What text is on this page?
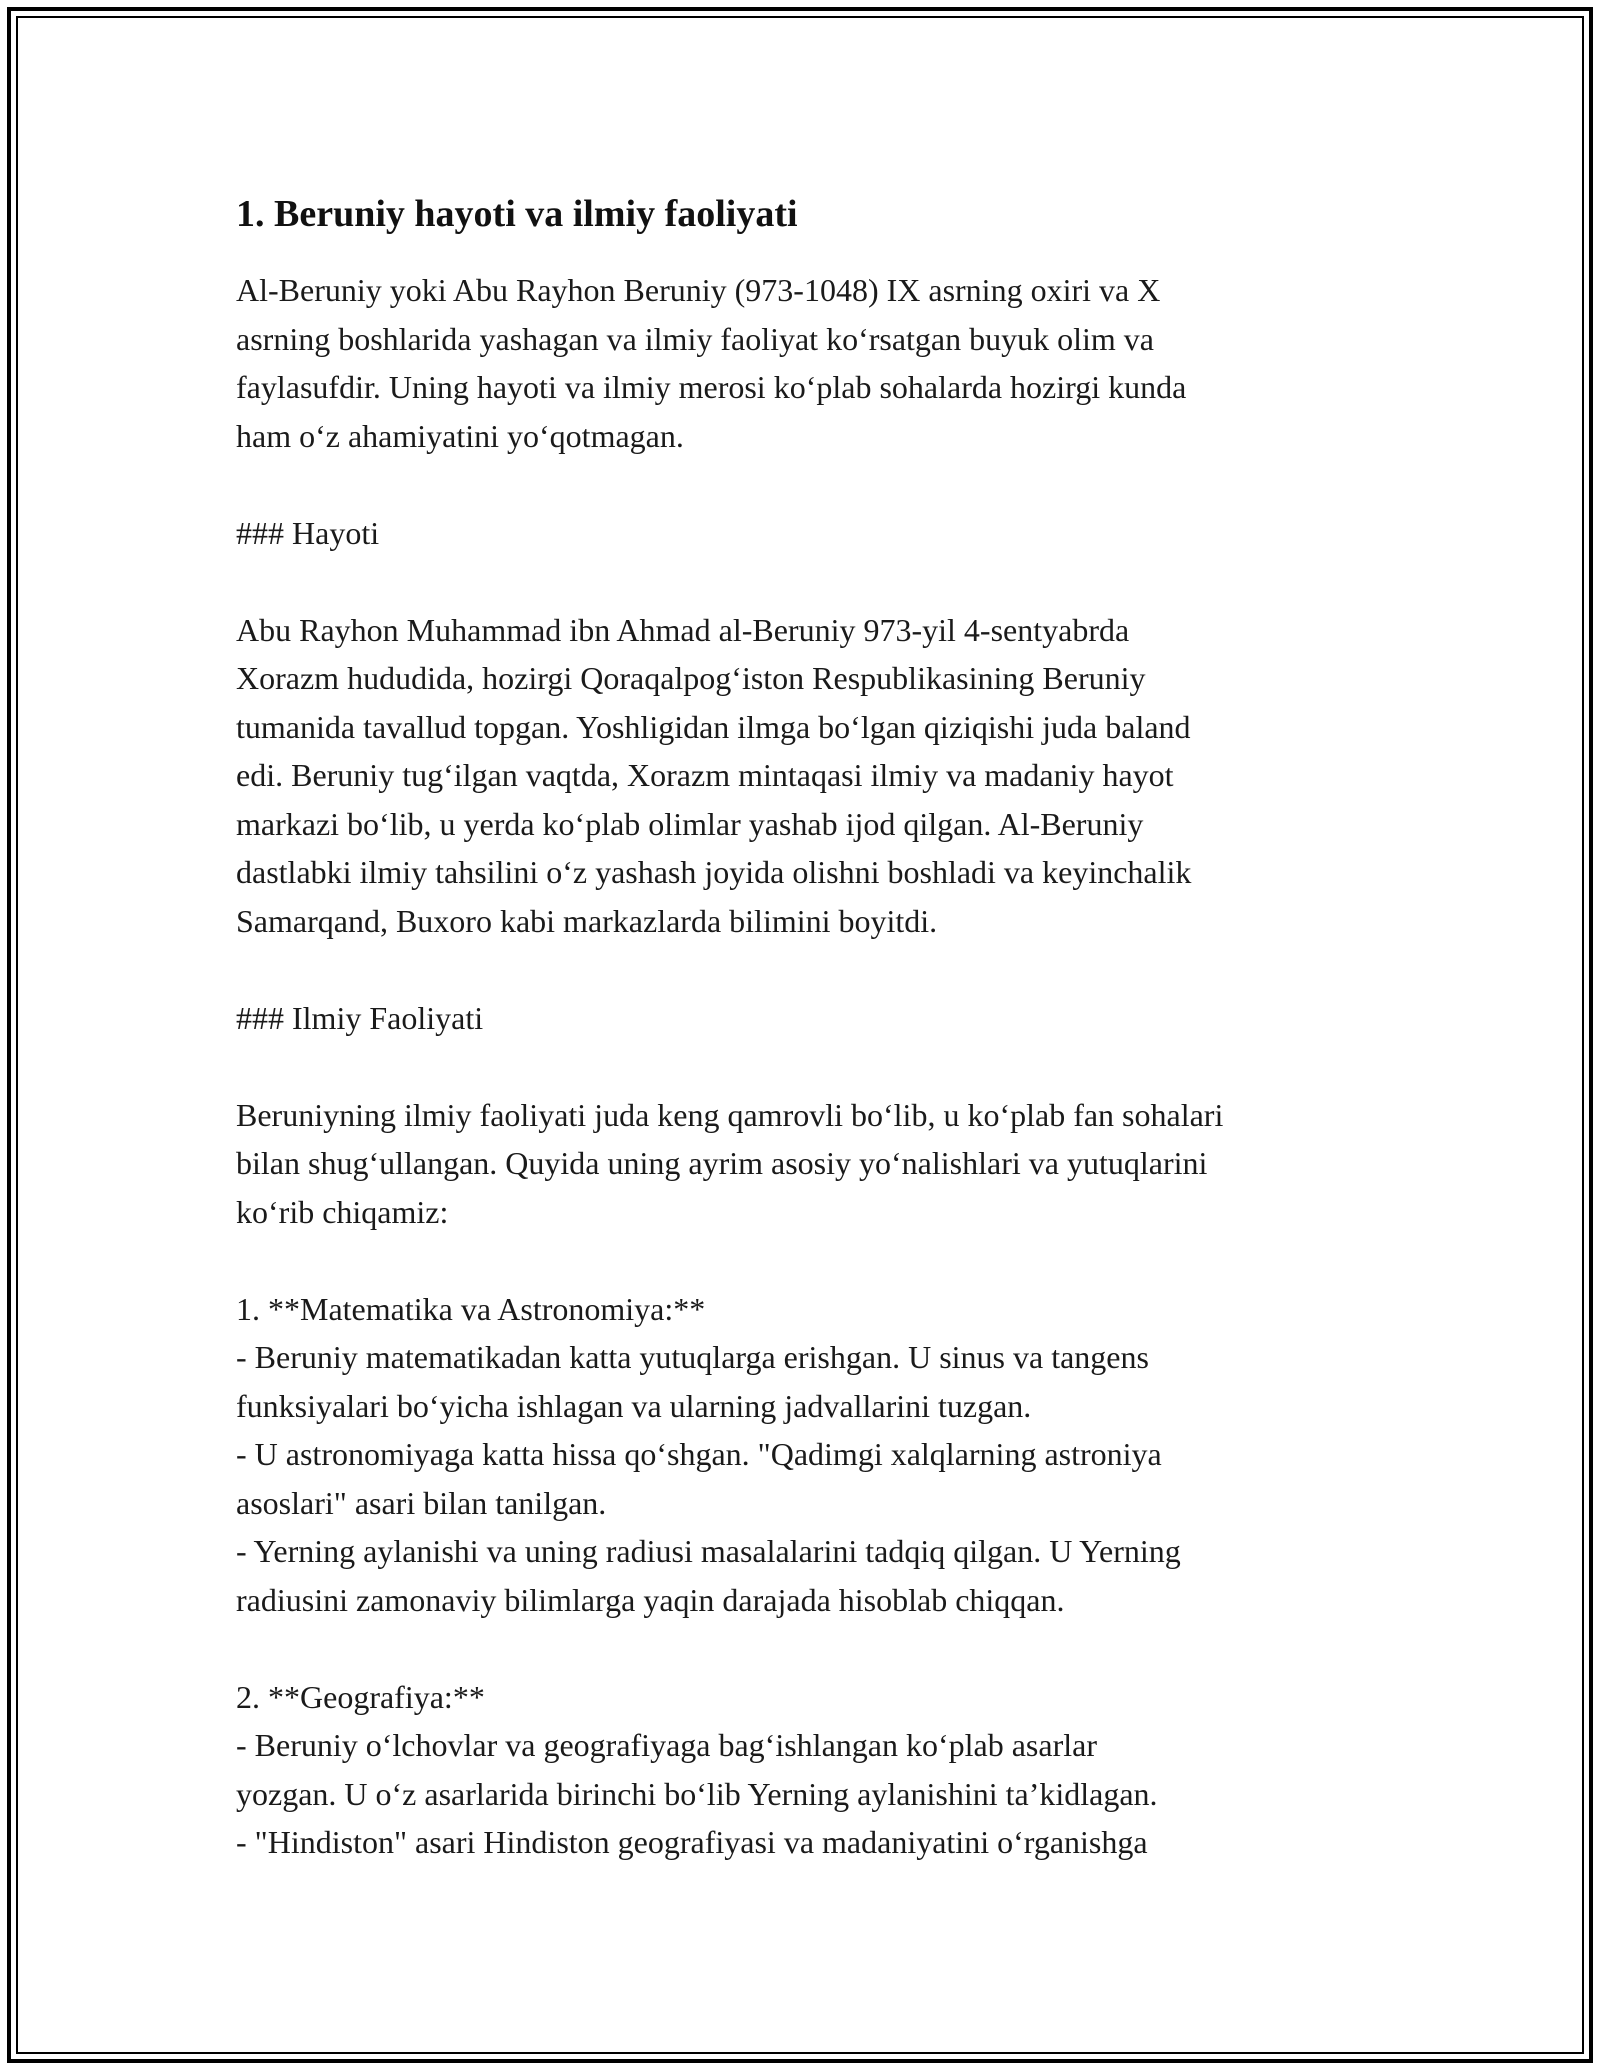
1. Beruniy hayoti va ilmiy faoliyati

Al-Beruniy yoki Abu Rayhon Beruniy (973-1048) IX asrning oxiri va X
asrning boshlarida yashagan va ilmiy faoliyat ko‘rsatgan buyuk olim va
faylasufdir. Uning hayoti va ilmiy merosi ko‘plab sohalarda hozirgi kunda
ham o‘z ahamiyatini yo‘qotmagan.

### Hayoti

Abu Rayhon Muhammad ibn Ahmad al-Beruniy 973-yil 4-sentyabrda
Xorazm hududida, hozirgi Qoraqalpog‘iston Respublikasining Beruniy
tumanida tavallud topgan. Yoshligidan ilmga bo‘lgan qiziqishi juda baland
edi. Beruniy tug‘ilgan vaqtda, Xorazm mintaqasi ilmiy va madaniy hayot
markazi bo‘lib, u yerda ko‘plab olimlar yashab ijod qilgan. Al-Beruniy
dastlabki ilmiy tahsilini o‘z yashash joyida olishni boshladi va keyinchalik
Samarqand, Buxoro kabi markazlarda bilimini boyitdi.

### Ilmiy Faoliyati

Beruniyning ilmiy faoliyati juda keng qamrovli bo‘lib, u ko‘plab fan sohalari
bilan shug‘ullangan. Quyida uning ayrim asosiy yo‘nalishlari va yutuqlarini
ko‘rib chiqamiz:

1. **Matematika va Astronomiya:**
- Beruniy matematikadan katta yutuqlarga erishgan. U sinus va tangens
funksiyalari bo‘yicha ishlagan va ularning jadvallarini tuzgan.
- U astronomiyaga katta hissa qo‘shgan. "Qadimgi xalqlarning astroniya
asoslari" asari bilan tanilgan.
- Yerning aylanishi va uning radiusi masalalarini tadqiq qilgan. U Yerning
radiusini zamonaviy bilimlarga yaqin darajada hisoblab chiqqan.

2. **Geografiya:**
- Beruniy o‘lchovlar va geografiyaga bag‘ishlangan ko‘plab asarlar
yozgan. U o‘z asarlarida birinchi bo‘lib Yerning aylanishini ta’kidlagan.
- "Hindiston" asari Hindiston geografiyasi va madaniyatini o‘rganishga
